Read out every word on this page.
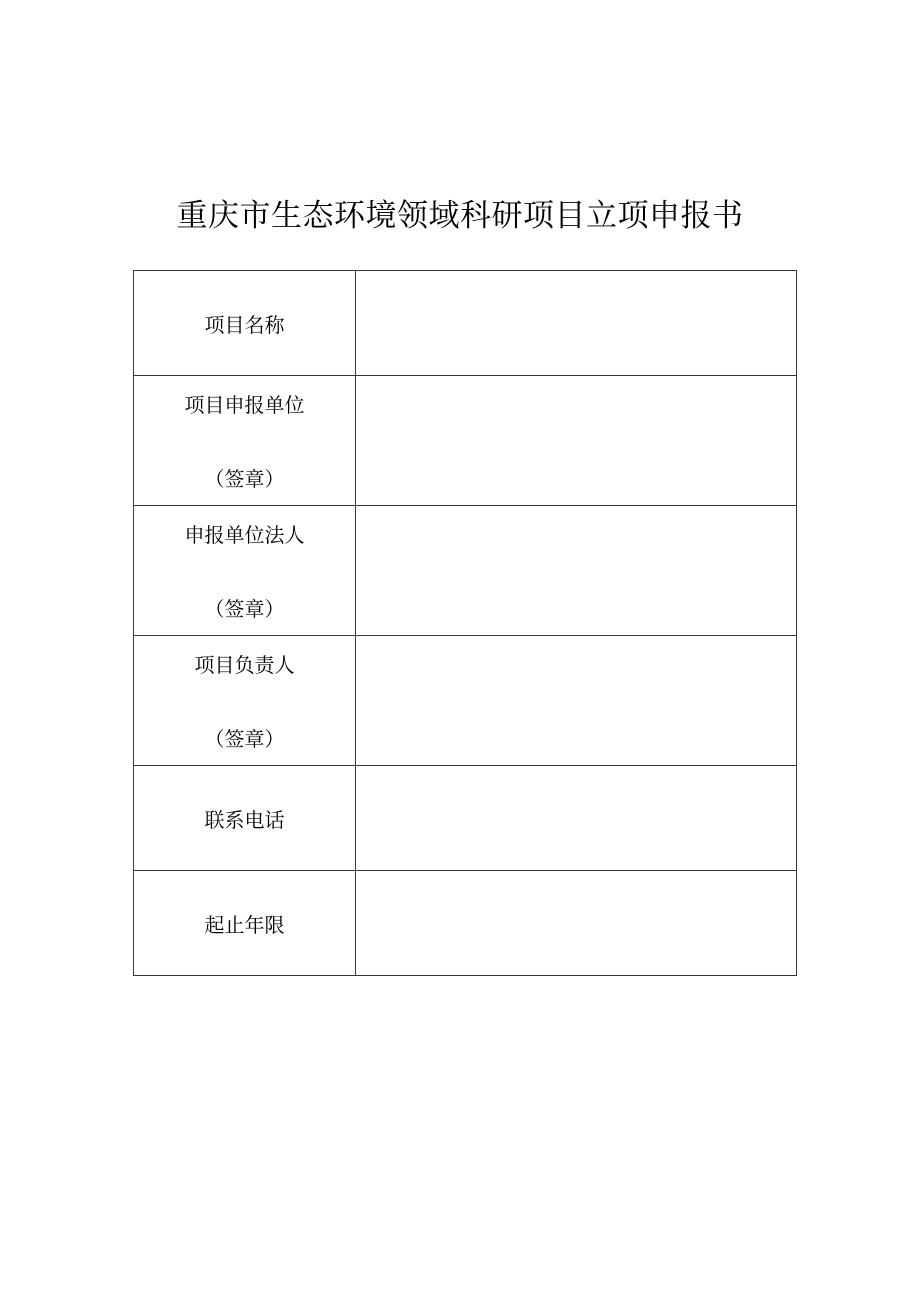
重庆市生态环境领域科研项目立项申报书
项目名称	

项目申报单位
（签章）	

申报单位法人
（签章）	

项目负责人
（签章）	

联系电话	

起止年限	
